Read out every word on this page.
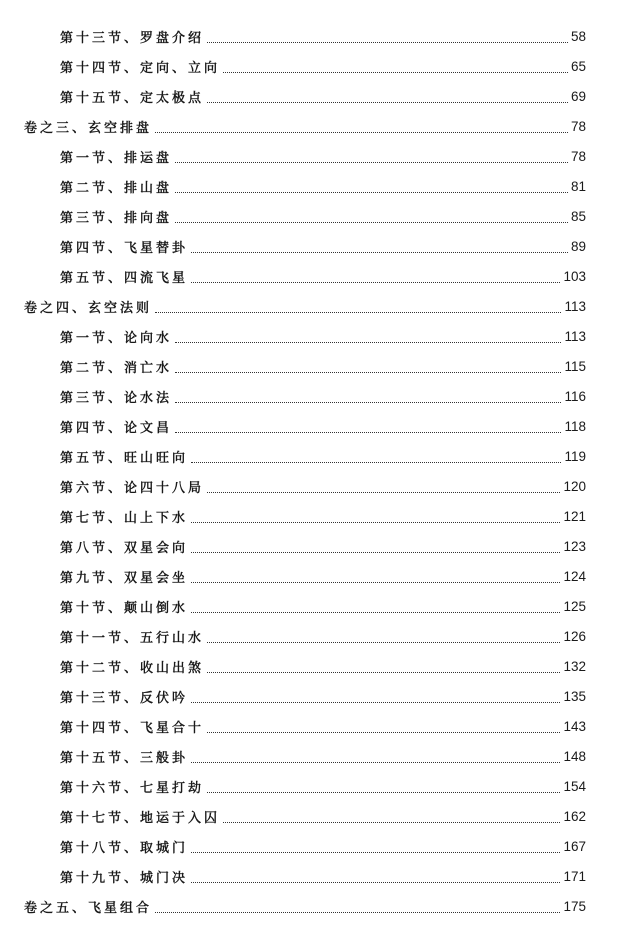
第十三节、罗盘介绍	58
第十四节、定向、立向	65
第十五节、定太极点	69
卷之三、玄空排盘	78
第一节、排运盘	78
第二节、排山盘	81
第三节、排向盘	85
第四节、飞星替卦	89
第五节、四流飞星	103
卷之四、玄空法则	113
第一节、论向水	113
第二节、消亡水	115
第三节、论水法	116
第四节、论文昌	118
第五节、旺山旺向	119
第六节、论四十八局	120
第七节、山上下水	121
第八节、双星会向	123
第九节、双星会坐	124
第十节、颠山倒水	125
第十一节、五行山水	126
第十二节、收山出煞	132
第十三节、反伏吟	135
第十四节、飞星合十	143
第十五节、三般卦	148
第十六节、七星打劫	154
第十七节、地运于入囚	162
第十八节、取城门	167
第十九节、城门决	171
卷之五、飞星组合	175
